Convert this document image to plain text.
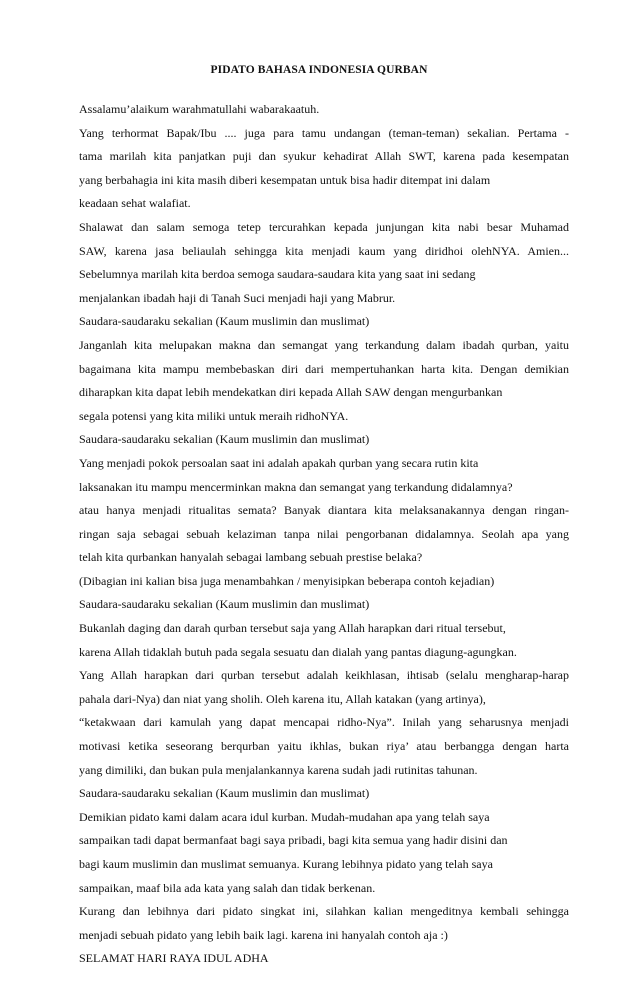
PIDATO BAHASA INDONESIA QURBAN
Assalamu’alaikum warahmatullahi wabarakaatuh.
Yang terhormat Bapak/Ibu .... juga para tamu undangan (teman-teman) sekalian. Pertama -
tama marilah kita panjatkan puji dan syukur kehadirat Allah SWT, karena pada kesempatan
yang berbahagia ini kita masih diberi kesempatan untuk bisa hadir ditempat ini dalam
keadaan sehat walafiat.
Shalawat dan salam semoga tetep tercurahkan kepada junjungan kita nabi besar Muhamad
SAW, karena jasa beliaulah sehingga kita menjadi kaum yang diridhoi olehNYA. Amien...
Sebelumnya marilah kita berdoa semoga saudara-saudara kita yang saat ini sedang
menjalankan ibadah haji di Tanah Suci menjadi haji yang Mabrur.
Saudara-saudaraku sekalian (Kaum muslimin dan muslimat)
Janganlah kita melupakan makna dan semangat yang terkandung dalam ibadah qurban, yaitu
bagaimana kita mampu membebaskan diri dari mempertuhankan harta kita. Dengan demikian
diharapkan kita dapat lebih mendekatkan diri kepada Allah SAW dengan mengurbankan
segala potensi yang kita miliki untuk meraih ridhoNYA.
Saudara-saudaraku sekalian (Kaum muslimin dan muslimat)
Yang menjadi pokok persoalan saat ini adalah apakah qurban yang secara rutin kita
laksanakan itu mampu mencerminkan makna dan semangat yang terkandung didalamnya?
atau hanya menjadi ritualitas semata? Banyak diantara kita melaksanakannya dengan ringan-
ringan saja sebagai sebuah kelaziman tanpa nilai pengorbanan didalamnya. Seolah apa yang
telah kita qurbankan hanyalah sebagai lambang sebuah prestise belaka?
(Dibagian ini kalian bisa juga menambahkan / menyisipkan beberapa contoh kejadian)
Saudara-saudaraku sekalian (Kaum muslimin dan muslimat)
Bukanlah daging dan darah qurban tersebut saja yang Allah harapkan dari ritual tersebut,
karena Allah tidaklah butuh pada segala sesuatu dan dialah yang pantas diagung-agungkan.
Yang Allah harapkan dari qurban tersebut adalah keikhlasan, ihtisab (selalu mengharap-harap
pahala dari-Nya) dan niat yang sholih. Oleh karena itu, Allah katakan (yang artinya),
“ketakwaan dari kamulah yang dapat mencapai ridho-Nya”. Inilah yang seharusnya menjadi
motivasi ketika seseorang berqurban yaitu ikhlas, bukan riya’ atau berbangga dengan harta
yang dimiliki, dan bukan pula menjalankannya karena sudah jadi rutinitas tahunan.
Saudara-saudaraku sekalian (Kaum muslimin dan muslimat)
Demikian pidato kami dalam acara idul kurban. Mudah-mudahan apa yang telah saya
sampaikan tadi dapat bermanfaat bagi saya pribadi, bagi kita semua yang hadir disini dan
bagi kaum muslimin dan muslimat semuanya. Kurang lebihnya pidato yang telah saya
sampaikan, maaf bila ada kata yang salah dan tidak berkenan.
Kurang dan lebihnya dari pidato singkat ini, silahkan kalian mengeditnya kembali sehingga
menjadi sebuah pidato yang lebih baik lagi. karena ini hanyalah contoh aja :)
SELAMAT HARI RAYA IDUL ADHA
